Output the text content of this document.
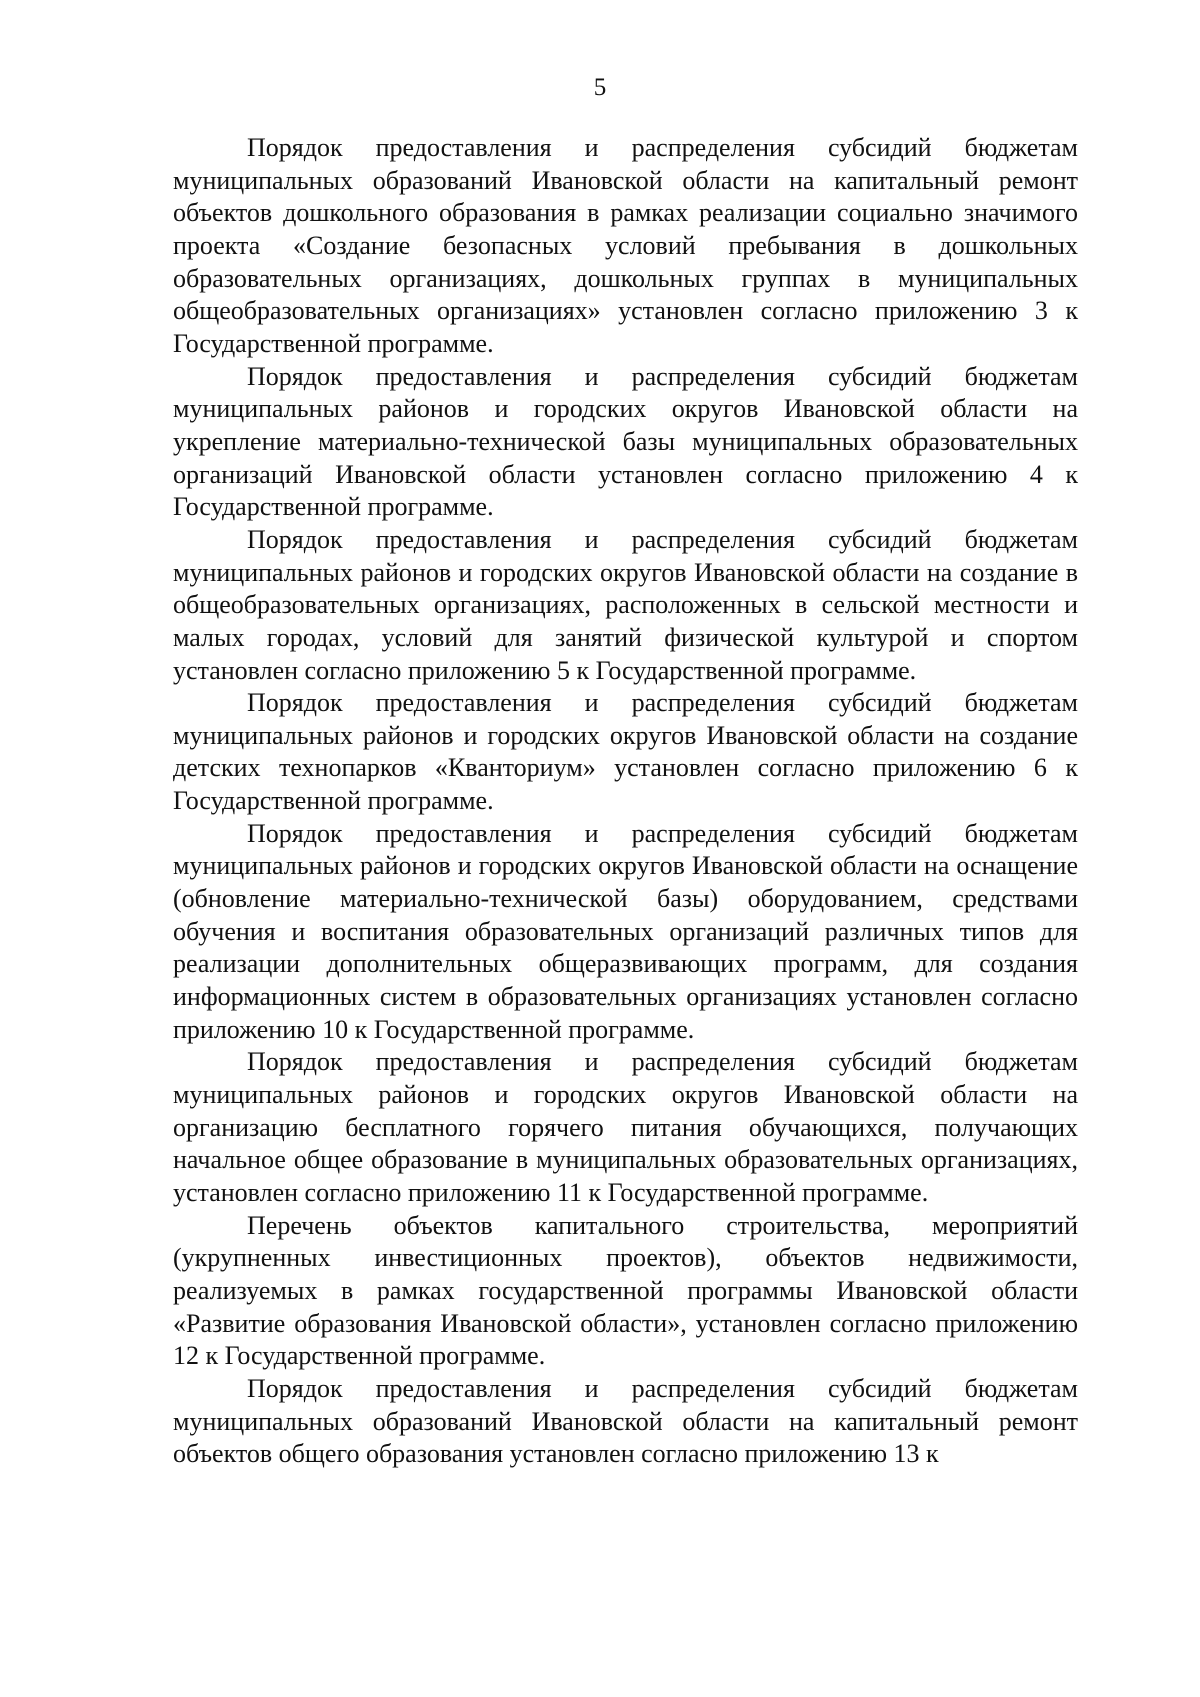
5

Порядок предоставления и распределения субсидий бюджетам муниципальных образований Ивановской области на капитальный ремонт объектов дошкольного образования в рамках реализации социально значимого проекта «Создание безопасных условий пребывания в дошкольных образовательных организациях, дошкольных группах в муниципальных общеобразовательных организациях» установлен согласно приложению 3 к Государственной программе.

Порядок предоставления и распределения субсидий бюджетам муниципальных районов и городских округов Ивановской области на укрепление материально-технической базы муниципальных образовательных организаций Ивановской области установлен согласно приложению 4 к Государственной программе.

Порядок предоставления и распределения субсидий бюджетам муниципальных районов и городских округов Ивановской области на создание в общеобразовательных организациях, расположенных в сельской местности и малых городах, условий для занятий физической культурой и спортом установлен согласно приложению 5 к Государственной программе.

Порядок предоставления и распределения субсидий бюджетам муниципальных районов и городских округов Ивановской области на создание детских технопарков «Кванториум» установлен согласно приложению 6 к Государственной программе.

Порядок предоставления и распределения субсидий бюджетам муниципальных районов и городских округов Ивановской области на оснащение (обновление материально-технической базы) оборудованием, средствами обучения и воспитания образовательных организаций различных типов для реализации дополнительных общеразвивающих программ, для создания информационных систем в образовательных организациях установлен согласно приложению 10 к Государственной программе.

Порядок предоставления и распределения субсидий бюджетам муниципальных районов и городских округов Ивановской области на организацию бесплатного горячего питания обучающихся, получающих начальное общее образование в муниципальных образовательных организациях, установлен согласно приложению 11 к Государственной программе.

Перечень объектов капитального строительства, мероприятий (укрупненных инвестиционных проектов), объектов недвижимости, реализуемых в рамках государственной программы Ивановской области «Развитие образования Ивановской области», установлен согласно приложению 12 к Государственной программе.

Порядок предоставления и распределения субсидий бюджетам муниципальных образований Ивановской области на капитальный ремонт объектов общего образования установлен согласно приложению 13 к
